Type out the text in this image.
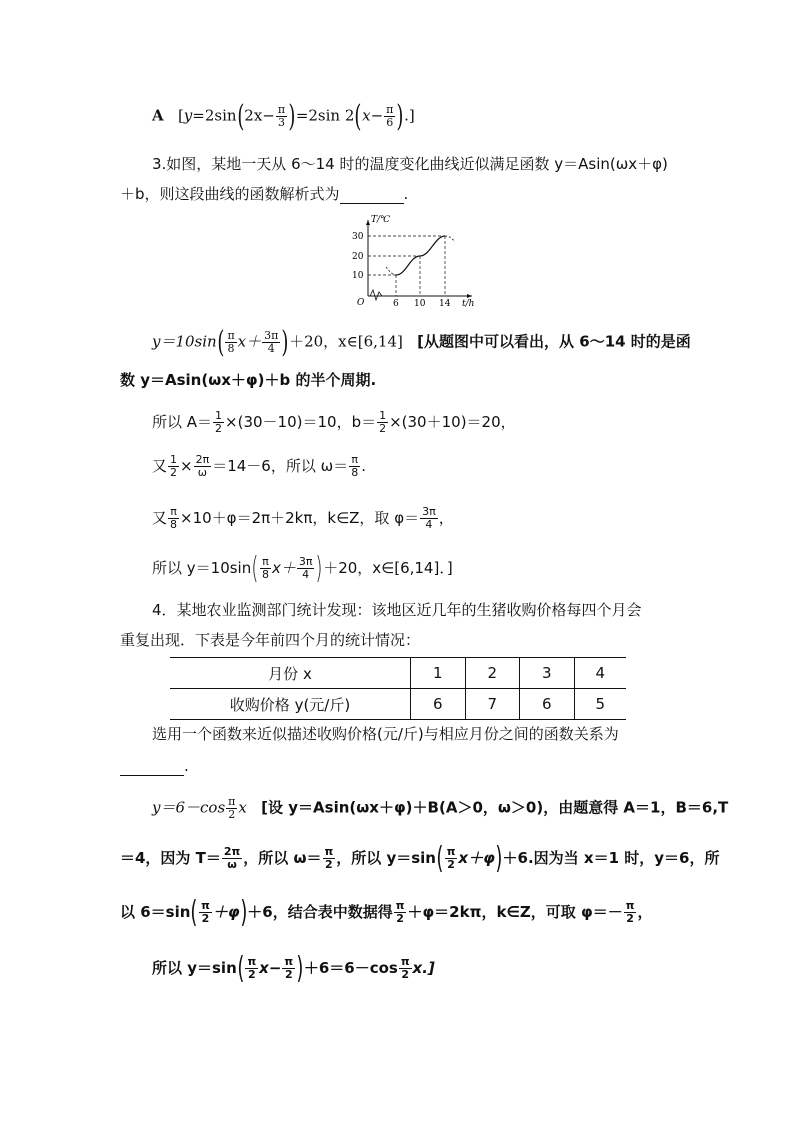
A   [$y=2\sin(2x- \frac{\pi}{3} )=2\sin$ $2(x- \frac{\pi}{6}$ ).]
3.如图，某地一天从 6～14 时的温度变化曲线近似满足函数 y＝Asin(ωx＋φ)
＋b，则这段曲线的函数解析式为	.
T/℃
t/h
O
30
20
10
6 10 14
$y=10\sin( \frac{\pi}{8} x+ \frac{3\pi}{4} )+20$，x∈[6,14] [从题图中可以看出，从 6～14 时的是函
数 y＝Asin(ωx＋φ)＋b 的半个周期.
所以 $A= \frac{1}{2} \times(30-10)=10$，$b= \frac{1}{2} \times(30+10)=20$，
又 $\frac{1}{2} \times \frac{2\pi}{\omega} =14-6$，所以 $\omega= \frac{\pi}{8}$ .
又 $\frac{\pi}{8} \times 10+\varphi=2\pi+2k\pi$，k∈Z，取 $\varphi= \frac{3\pi}{4}$ ，
所以 $y=10\sin( \frac{\pi}{8} x+ \frac{3\pi}{4} )+20$，x∈[6,14]．]
4．某地农业监测部门统计发现：该地区近几年的生猪收购价格每四个月会
重复出现．下表是今年前四个月的统计情况：
月份 x	1	2	3	4
收购价格 y(元/斤)	6	7	6	5
选用一个函数来近似描述收购价格(元/斤)与相应月份之间的函数关系为
.
$y=6-\cos \frac{\pi}{2}$ x [设 y＝Asin(ωx＋φ)＋B(A＞0，ω＞0)，由题意得 A＝1，B＝6,T
＝4，因为 $T= \frac{2\pi}{\omega}$ ，所以 $\omega= \frac{\pi}{2}$ ，所以 $y=\sin( \frac{\pi}{2} x+\varphi)+6$.因为当 x＝1 时，y＝6，所
以 $6=\sin( \frac{\pi}{2} +\varphi)+6$，结合表中数据得 $\frac{\pi}{2} +\varphi=2k\pi$，k∈Z，可取 $\varphi=- \frac{\pi}{2}$ ，
所以 $y=\sin( \frac{\pi}{2} x- \frac{\pi}{2} )+6=6-\cos \frac{\pi}{2} x$.]
